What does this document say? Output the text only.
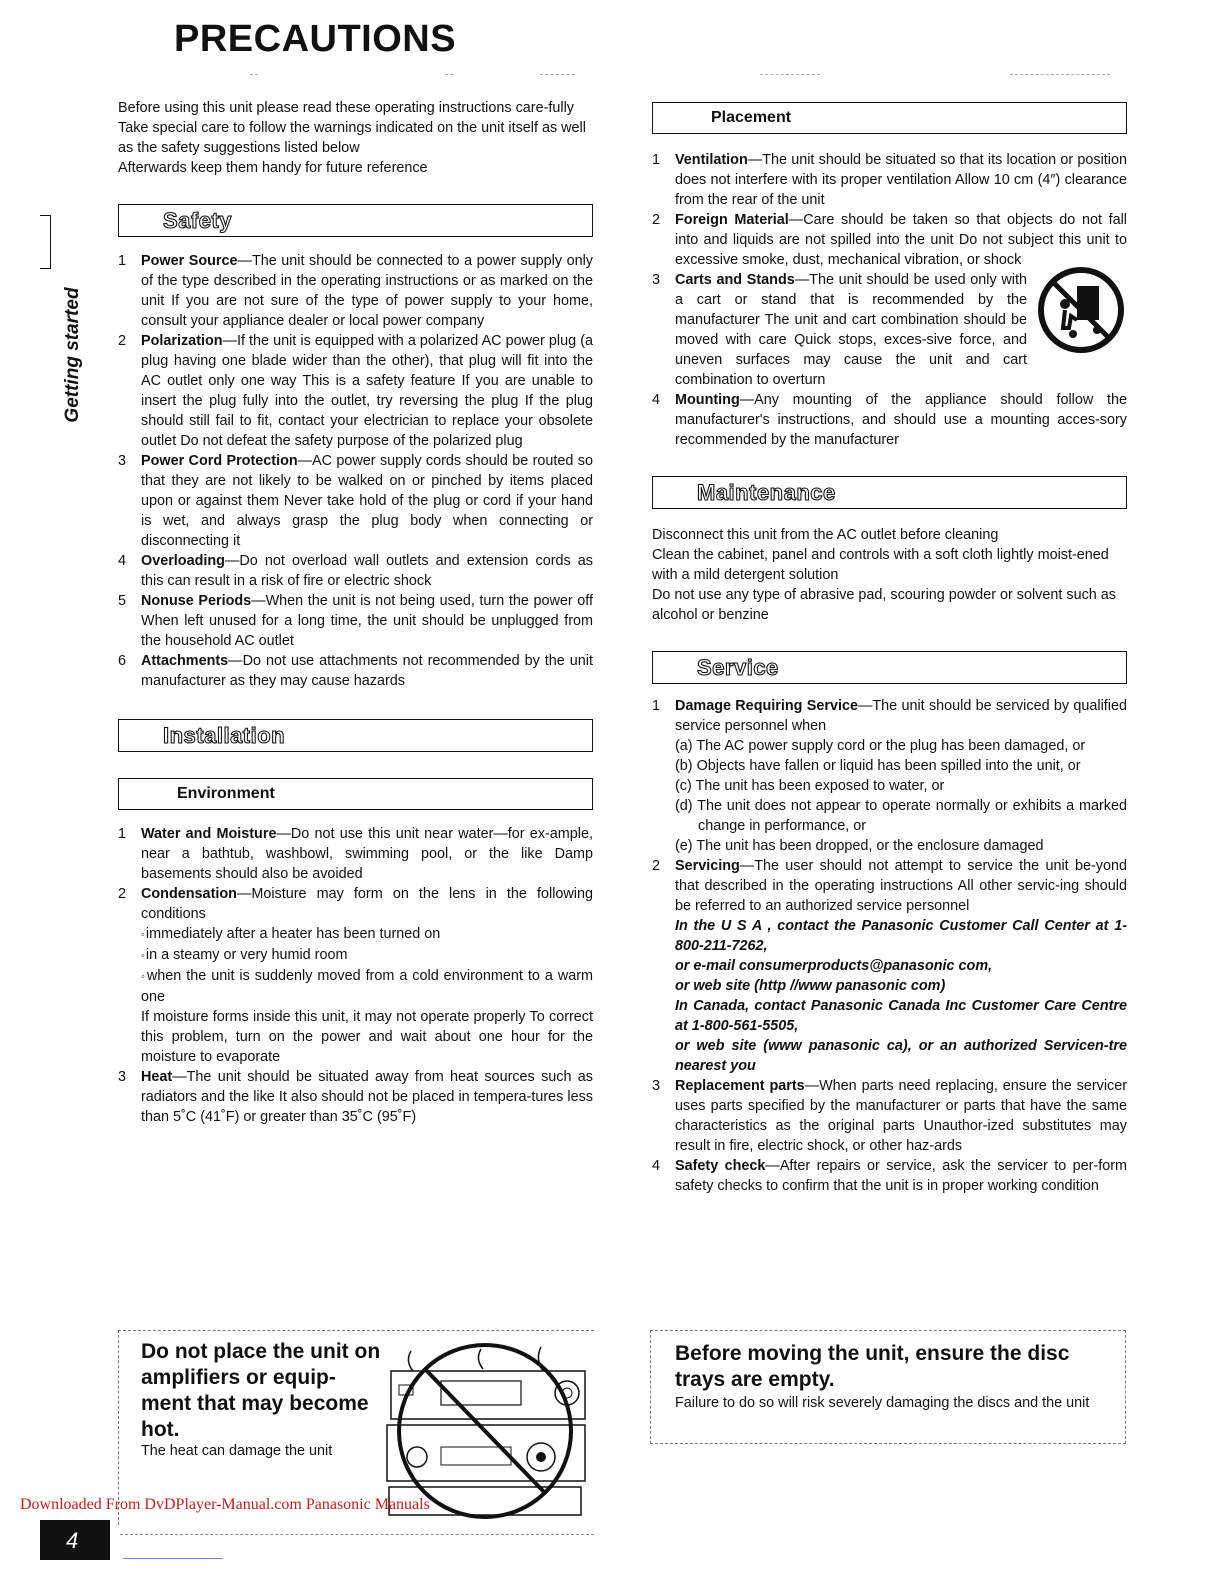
PRECAUTIONS
Getting started

Before using this unit please read these operating instructions care-fully Take special care to follow the warnings indicated on the unit itself as well as the safety suggestions listed below

Afterwards keep them handy for future reference

Safety
1	Power Source—The unit should be connected to a power supply only of the type described in the operating instructions or as marked on the unit If you are not sure of the type of power supply to your home, consult your appliance dealer or local power company
2	Polarization—If the unit is equipped with a polarized AC power plug (a plug having one blade wider than the other), that plug will fit into the AC outlet only one way This is a safety feature If you are unable to insert the plug fully into the outlet, try reversing the plug If the plug should still fail to fit, contact your electrician to replace your obsolete outlet Do not defeat the safety purpose of the polarized plug
3	Power Cord Protection—AC power supply cords should be routed so that they are not likely to be walked on or pinched by items placed upon or against them Never take hold of the plug or cord if your hand is wet, and always grasp the plug body when connecting or disconnecting it
4	Overloading—Do not overload wall outlets and extension cords as this can result in a risk of fire or electric shock
5	Nonuse Periods—When the unit is not being used, turn the power off When left unused for a long time, the unit should be unplugged from the household AC outlet
6	Attachments—Do not use attachments not recommended by the unit manufacturer as they may cause hazards
Installation
Environment
1	Water and Moisture—Do not use this unit near water—for ex-ample, near a bathtub, washbowl, swimming pool, or the like Damp basements should also be avoided
2	Condensation—Moisture may form on the lens in the following conditions
◦ immediately after a heater has been turned on
◦ in a steamy or very humid room
◦ when the unit is suddenly moved from a cold environment to a warm one
If moisture forms inside this unit, it may not operate properly To correct this problem, turn on the power and wait about one hour for the moisture to evaporate
3	Heat—The unit should be situated away from heat sources such as radiators and the like It also should not be placed in tempera-tures less than 5˚C (41˚F) or greater than 35˚C (95˚F)
Placement
1	Ventilation—The unit should be situated so that its location or position does not interfere with its proper ventilation Allow 10 cm (4″) clearance from the rear of the unit
2	Foreign Material—Care should be taken so that objects do not fall into and liquids are not spilled into the unit Do not subject this unit to excessive smoke, dust, mechanical vibration, or shock
3	Carts and Stands—The unit should be used only with a cart or stand that is recommended by the manufacturer The unit and cart combination should be moved with care Quick stops, exces-sive force, and uneven surfaces may cause the unit and cart combination to overturn
4	Mounting—Any mounting of the appliance should follow the manufacturer's instructions, and should use a mounting acces-sory recommended by the manufacturer
Maintenance

Disconnect this unit from the AC outlet before cleaning

Clean the cabinet, panel and controls with a soft cloth lightly moist-ened with a mild detergent solution

Do not use any type of abrasive pad, scouring powder or solvent such as alcohol or benzine

Service
1	Damage Requiring Service—The unit should be serviced by qualified service personnel when
(a) The AC power supply cord or the plug has been damaged, or
(b) Objects have fallen or liquid has been spilled into the unit, or
(c) The unit has been exposed to water, or
(d) The unit does not appear to operate normally or exhibits a marked change in performance, or
(e) The unit has been dropped, or the enclosure damaged
2	Servicing—The user should not attempt to service the unit be-yond that described in the operating instructions All other servic-ing should be referred to an authorized service personnel
In the U S A , contact the Panasonic Customer Call Center at 1-800-211-7262,
or e-mail consumerproducts@panasonic com,
or web site (http //www panasonic com)
In Canada, contact Panasonic Canada Inc Customer Care Centre at 1-800-561-5505,
or web site (www panasonic ca), or an authorized Servicen-tre nearest you
3	Replacement parts—When parts need replacing, ensure the servicer uses parts specified by the manufacturer or parts that have the same characteristics as the original parts Unauthor-ized substitutes may result in fire, electric shock, or other haz-ards
4	Safety check—After repairs or service, ask the servicer to per-form safety checks to confirm that the unit is in proper working condition
Do not place the unit on amplifiers or equip-ment that may become hot.
The heat can damage the unit
Before moving the unit, ensure the disc trays are empty.
Failure to do so will risk severely damaging the discs and the unit
Downloaded From DvDPlayer-Manual.com Panasonic Manuals
4
